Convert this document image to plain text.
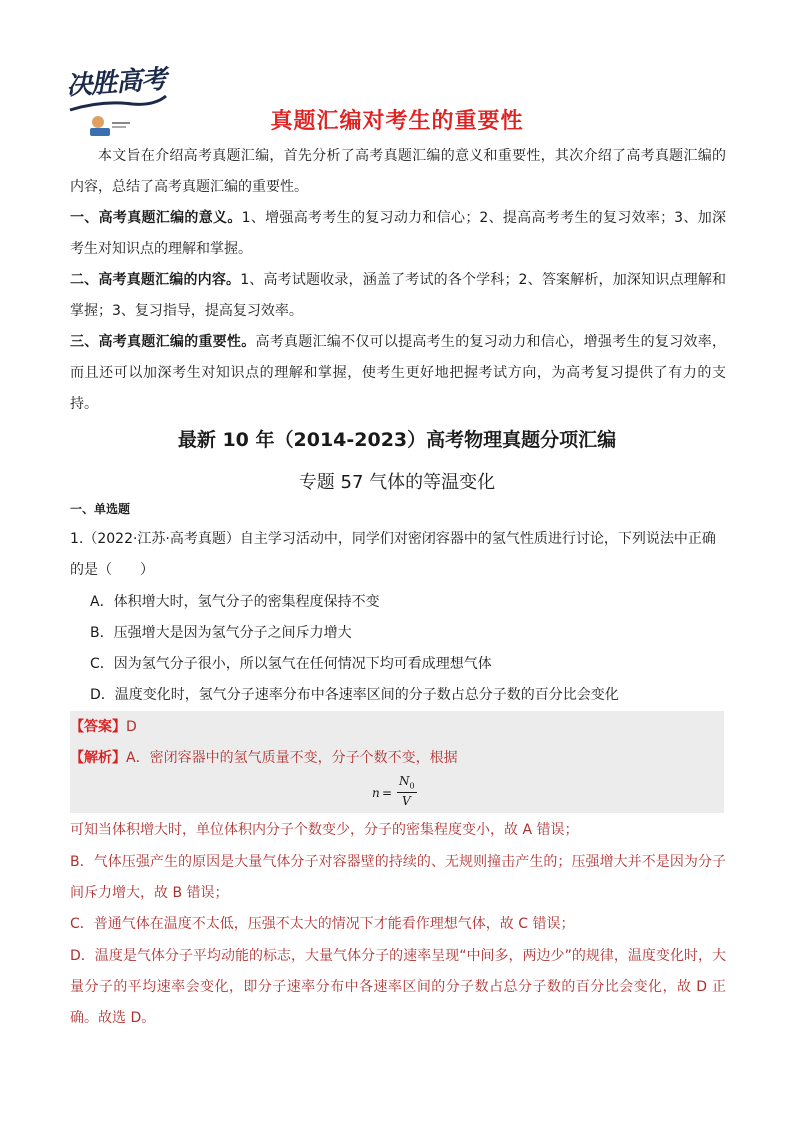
决胜高考
真题汇编对考生的重要性

本文旨在介绍高考真题汇编，首先分析了高考真题汇编的意义和重要性，其次介绍了高考真题汇编的内容，总结了高考真题汇编的重要性。

一、高考真题汇编的意义。1、增强高考考生的复习动力和信心；2、提高高考考生的复习效率；3、加深考生对知识点的理解和掌握。

二、高考真题汇编的内容。1、高考试题收录，涵盖了考试的各个学科；2、答案解析，加深知识点理解和掌握；3、复习指导，提高复习效率。

三、高考真题汇编的重要性。高考真题汇编不仅可以提高考生的复习动力和信心，增强考生的复习效率，而且还可以加深考生对知识点的理解和掌握，使考生更好地把握考试方向，为高考复习提供了有力的支持。

最新 10 年（2014-2023）高考物理真题分项汇编
专题 57 气体的等温变化
一、单选题

1.（2022·江苏·高考真题）自主学习活动中，同学们对密闭容器中的氢气性质进行讨论，下列说法中正确的是（　　）

A．体积增大时，氢气分子的密集程度保持不变
B．压强增大是因为氢气分子之间斥力增大
C．因为氢气分子很小，所以氢气在任何情况下均可看成理想气体
D．温度变化时，氢气分子速率分布中各速率区间的分子数占总分子数的百分比会变化
【答案】D
【解析】A．密闭容器中的氢气质量不变，分子个数不变，根据
n =
$N_0$
V

可知当体积增大时，单位体积内分子个数变少，分子的密集程度变小，故 A 错误；

B．气体压强产生的原因是大量气体分子对容器壁的持续的、无规则撞击产生的；压强增大并不是因为分子间斥力增大，故 B 错误；

C．普通气体在温度不太低，压强不太大的情况下才能看作理想气体，故 C 错误；

D．温度是气体分子平均动能的标志，大量气体分子的速率呈现“中间多，两边少”的规律，温度变化时，大量分子的平均速率会变化，即分子速率分布中各速率区间的分子数占总分子数的百分比会变化，故 D 正确。故选 D。
